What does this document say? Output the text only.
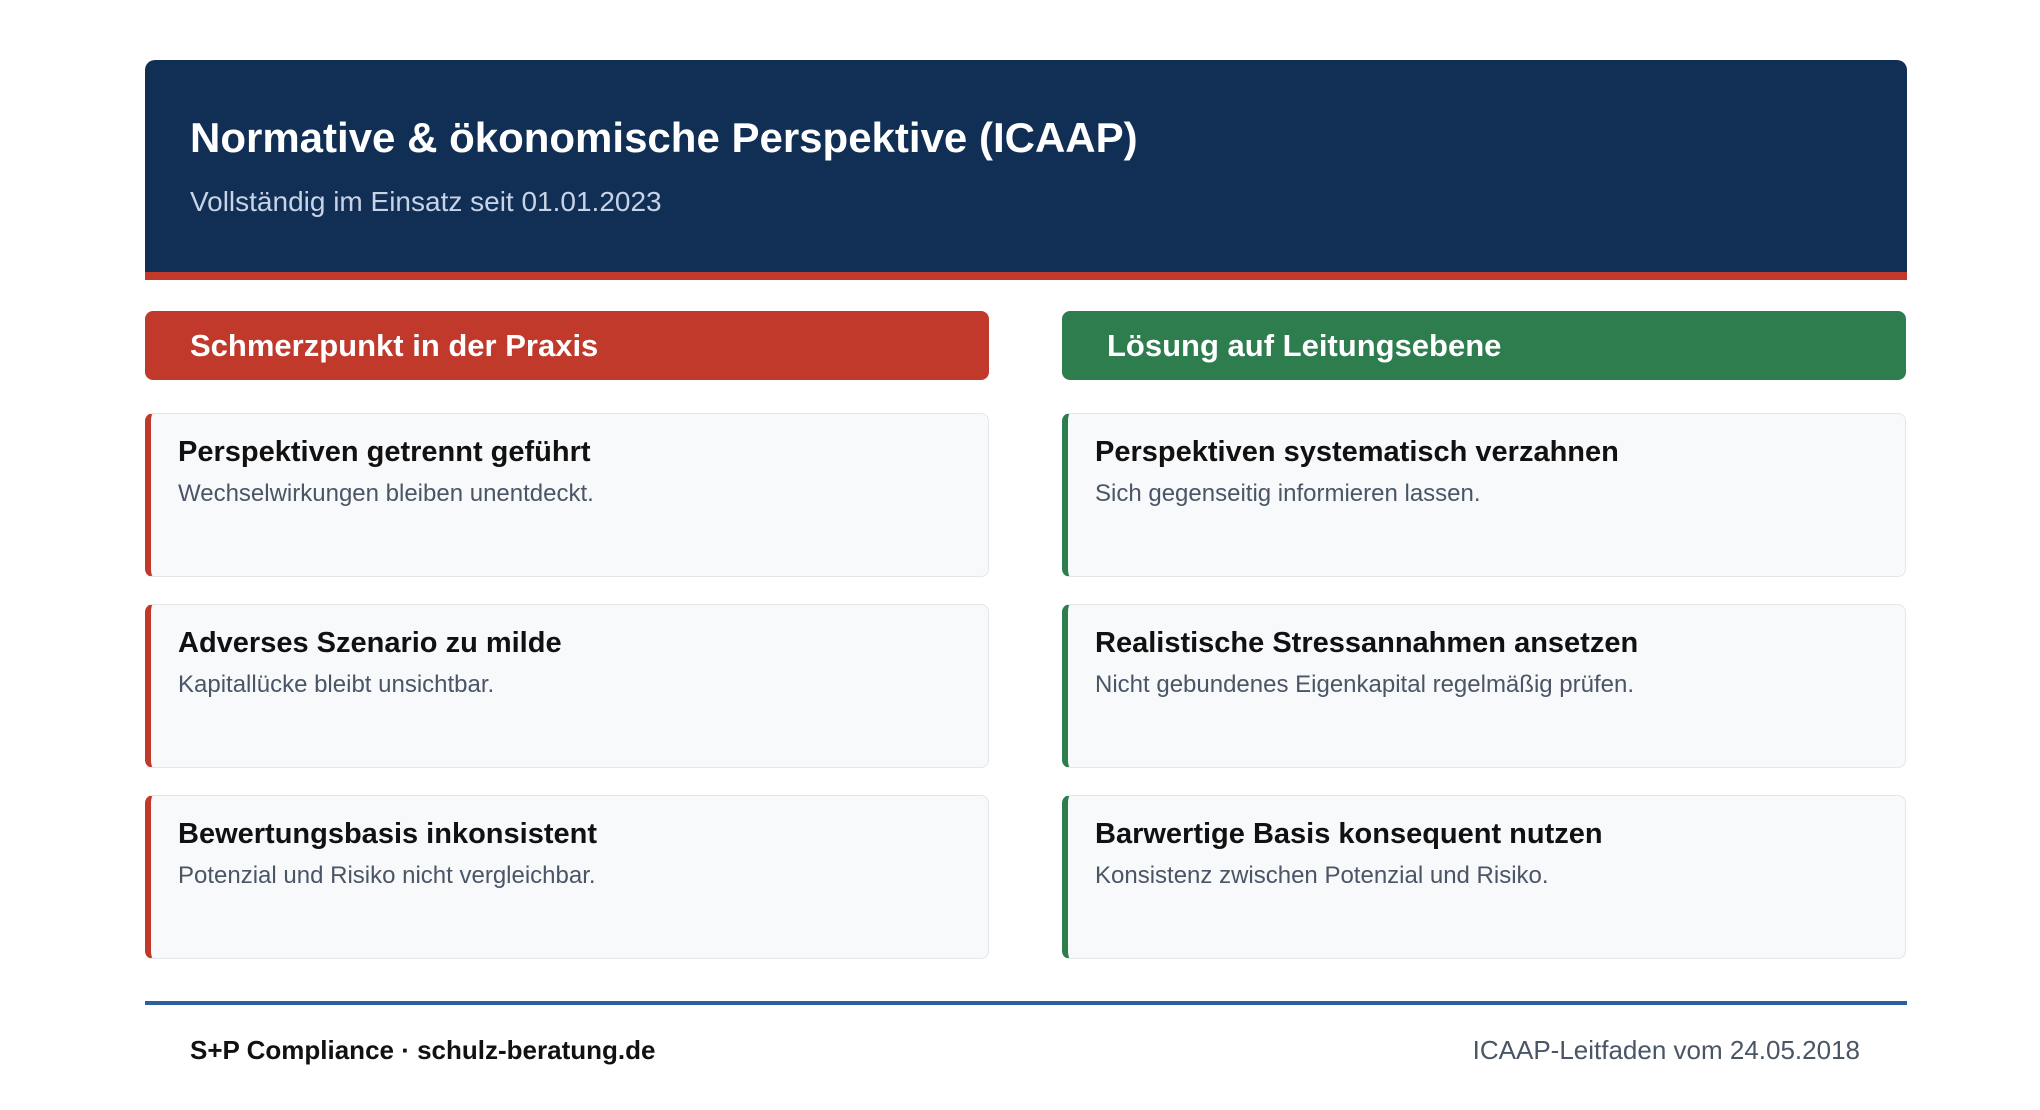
Normative & ökonomische Perspektive (ICAAP)
Vollständig im Einsatz seit 01.01.2023
Schmerzpunkt in der Praxis	Lösung auf Leitungsebene
Perspektiven getrennt geführt
Wechselwirkungen bleiben unentdeckt.
Adverses Szenario zu milde
Kapitallücke bleibt unsichtbar.
Bewertungsbasis inkonsistent
Potenzial und Risiko nicht vergleichbar.
Perspektiven systematisch verzahnen
Sich gegenseitig informieren lassen.
Realistische Stressannahmen ansetzen
Nicht gebundenes Eigenkapital regelmäßig prüfen.
Barwertige Basis konsequent nutzen
Konsistenz zwischen Potenzial und Risiko.
S+P Compliance · schulz-beratung.de	ICAAP-Leitfaden vom 24.05.2018
